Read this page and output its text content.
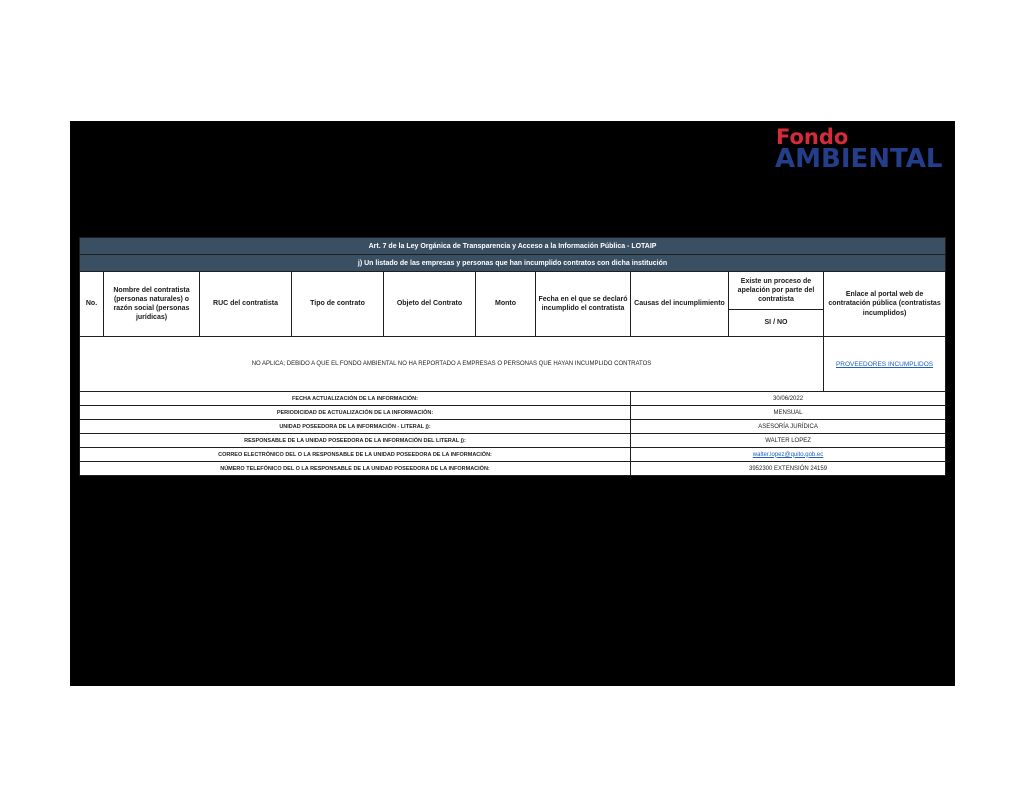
Fondo
AMBIENTAL
Art. 7 de la Ley Orgánica de Transparencia y Acceso a la Información Pública - LOTAIP									
j) Un listado de las empresas y personas que han incumplido contratos con dicha institución									
No.	Nombre del contratista (personas naturales) o razón social (personas jurídicas)	RUC del contratista	Tipo de contrato	Objeto del Contrato	Monto	Fecha en el que se declaró incumplido el contratista	Causas del incumplimiento	Existe un proceso de apelación por parte del contratista	Enlace al portal web de contratación pública (contratistas incumplidos)
								SI / NO	
NO APLICA; DEBIDO A QUE EL FONDO AMBIENTAL NO HA REPORTADO A EMPRESAS O PERSONAS QUE HAYAN INCUMPLIDO CONTRATOS									PROVEEDORES INCUMPLIDOS
FECHA ACTUALIZACIÓN DE LA INFORMACIÓN:							30/06/2022		
PERIODICIDAD DE ACTUALIZACIÓN DE LA INFORMACIÓN:							MENSUAL		
UNIDAD POSEEDORA DE LA INFORMACIÓN - LITERAL j):							ASESORÍA JURÍDICA		
RESPONSABLE DE LA UNIDAD POSEEDORA DE LA INFORMACIÓN DEL LITERAL j):							WALTER LOPEZ		
CORREO ELECTRÓNICO DEL O LA RESPONSABLE DE LA UNIDAD POSEEDORA DE LA INFORMACIÓN:							walter.lopez@quito.gob.ec		
NÚMERO TELEFÓNICO DEL O LA RESPONSABLE DE LA UNIDAD POSEEDORA DE LA INFORMACIÓN:							3952300 EXTENSIÓN 24159		
